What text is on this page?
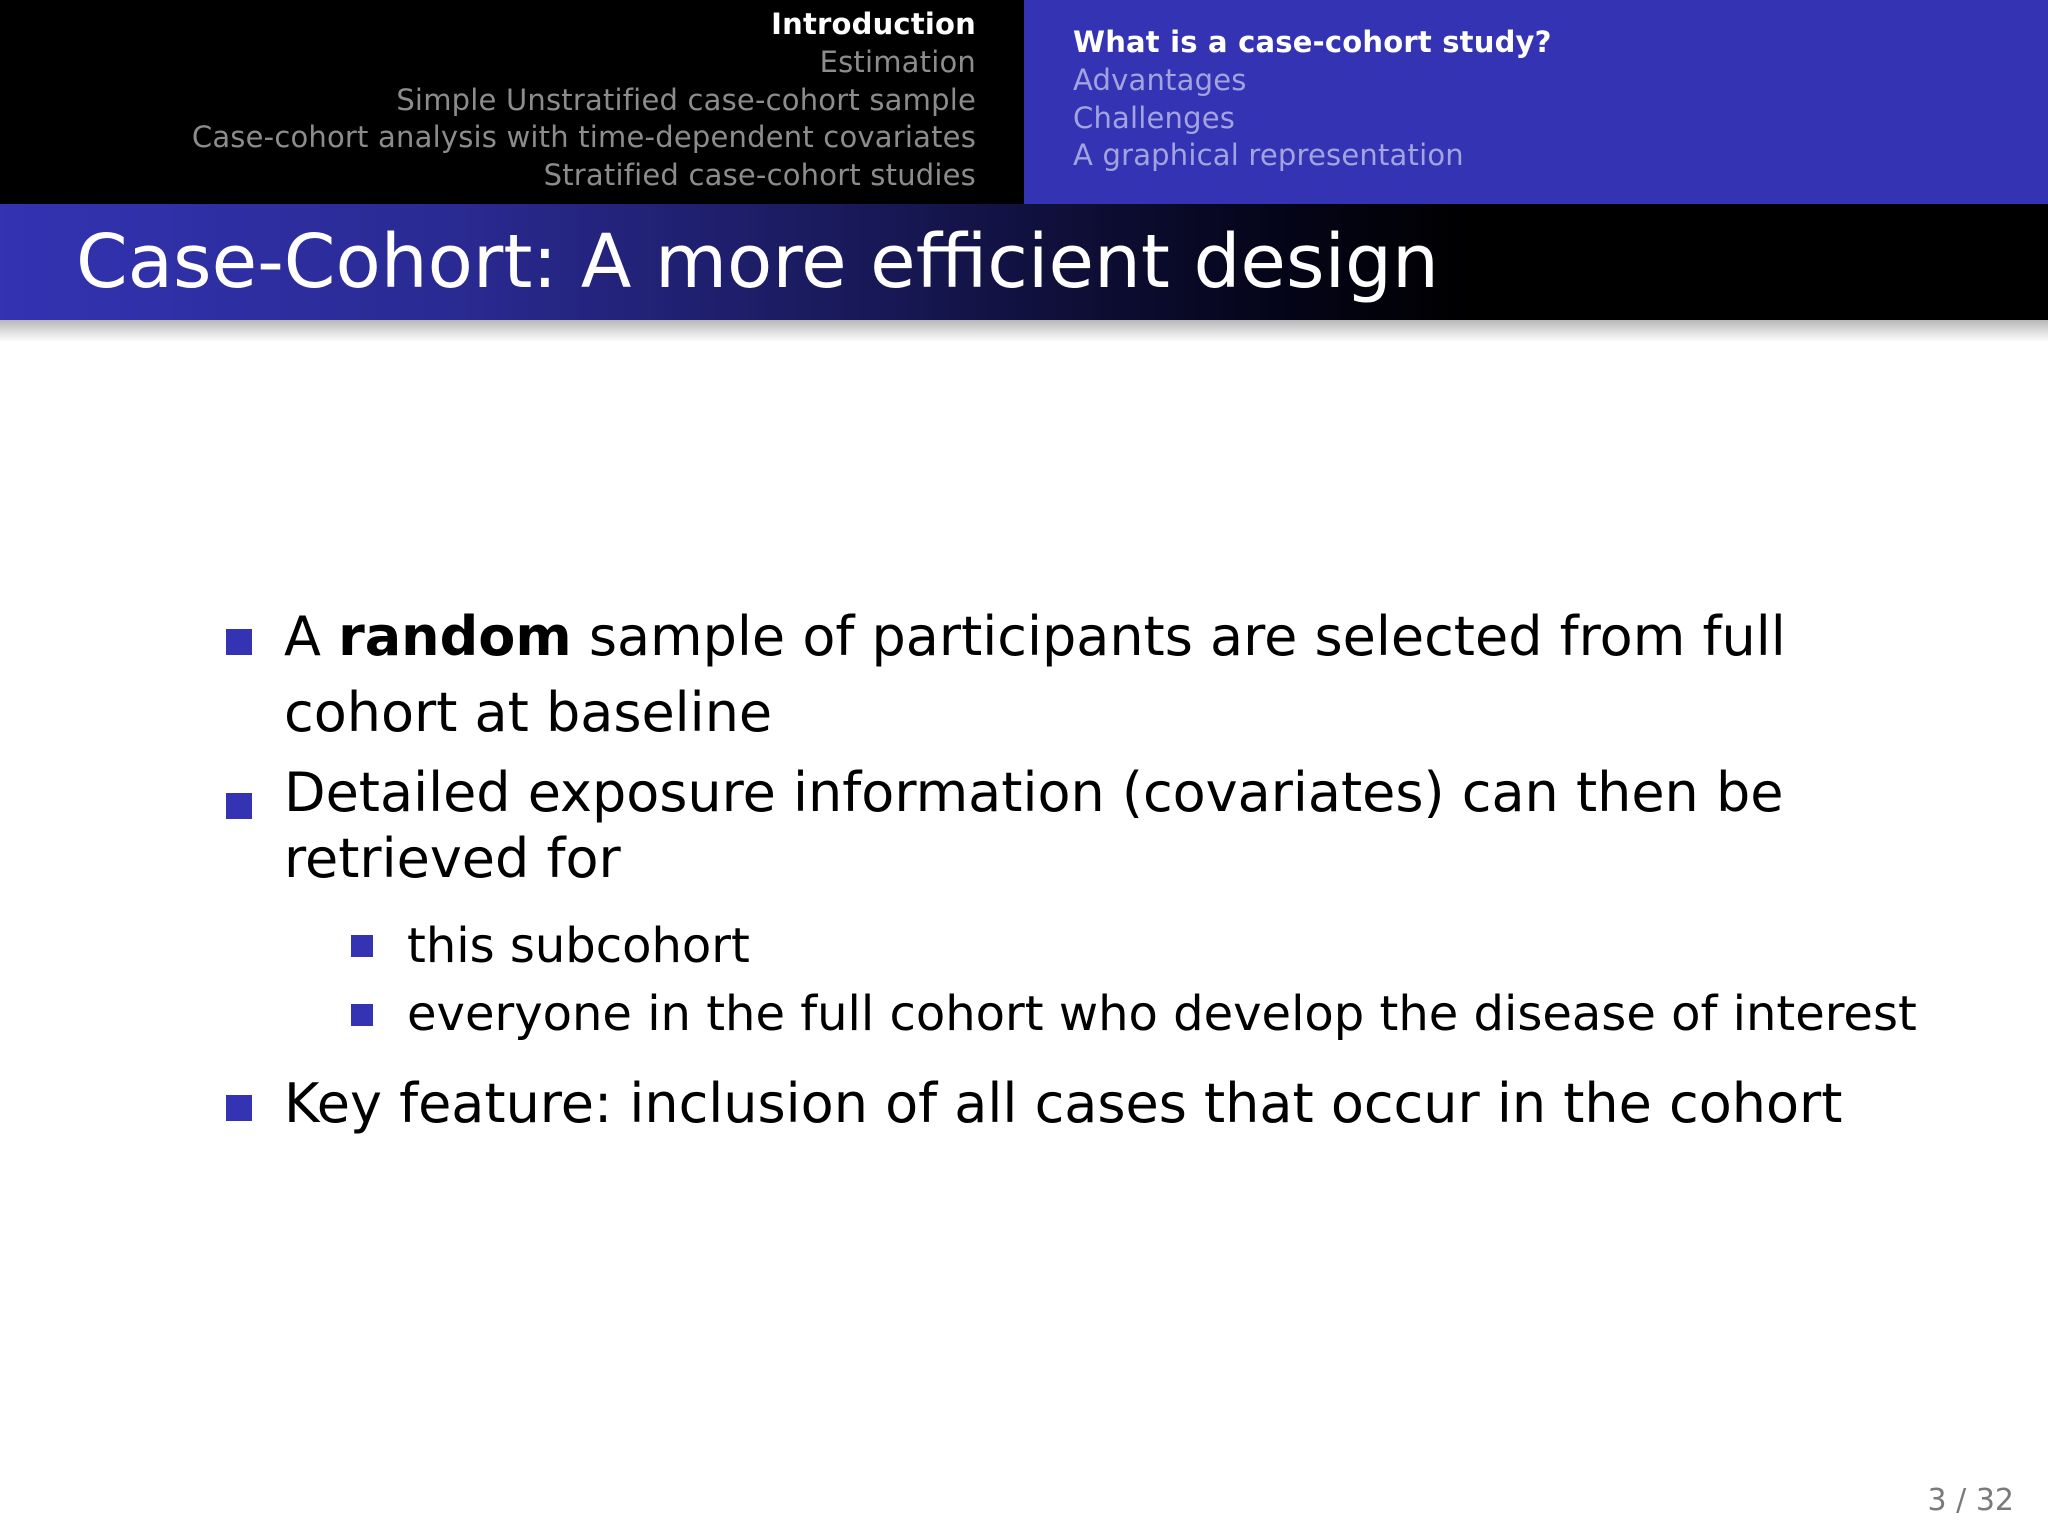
Introduction
Estimation
Simple Unstratified case-cohort sample
Case-cohort analysis with time-dependent covariates
Stratified case-cohort studies
What is a case-cohort study?
Advantages
Challenges
A graphical representation
Case-Cohort: A more efficient design
A random sample of participants are selected from full cohort at baseline
Detailed exposure information (covariates) can then be retrieved for
this subcohort
everyone in the full cohort who develop the disease of interest
Key feature: inclusion of all cases that occur in the cohort
3 / 32
